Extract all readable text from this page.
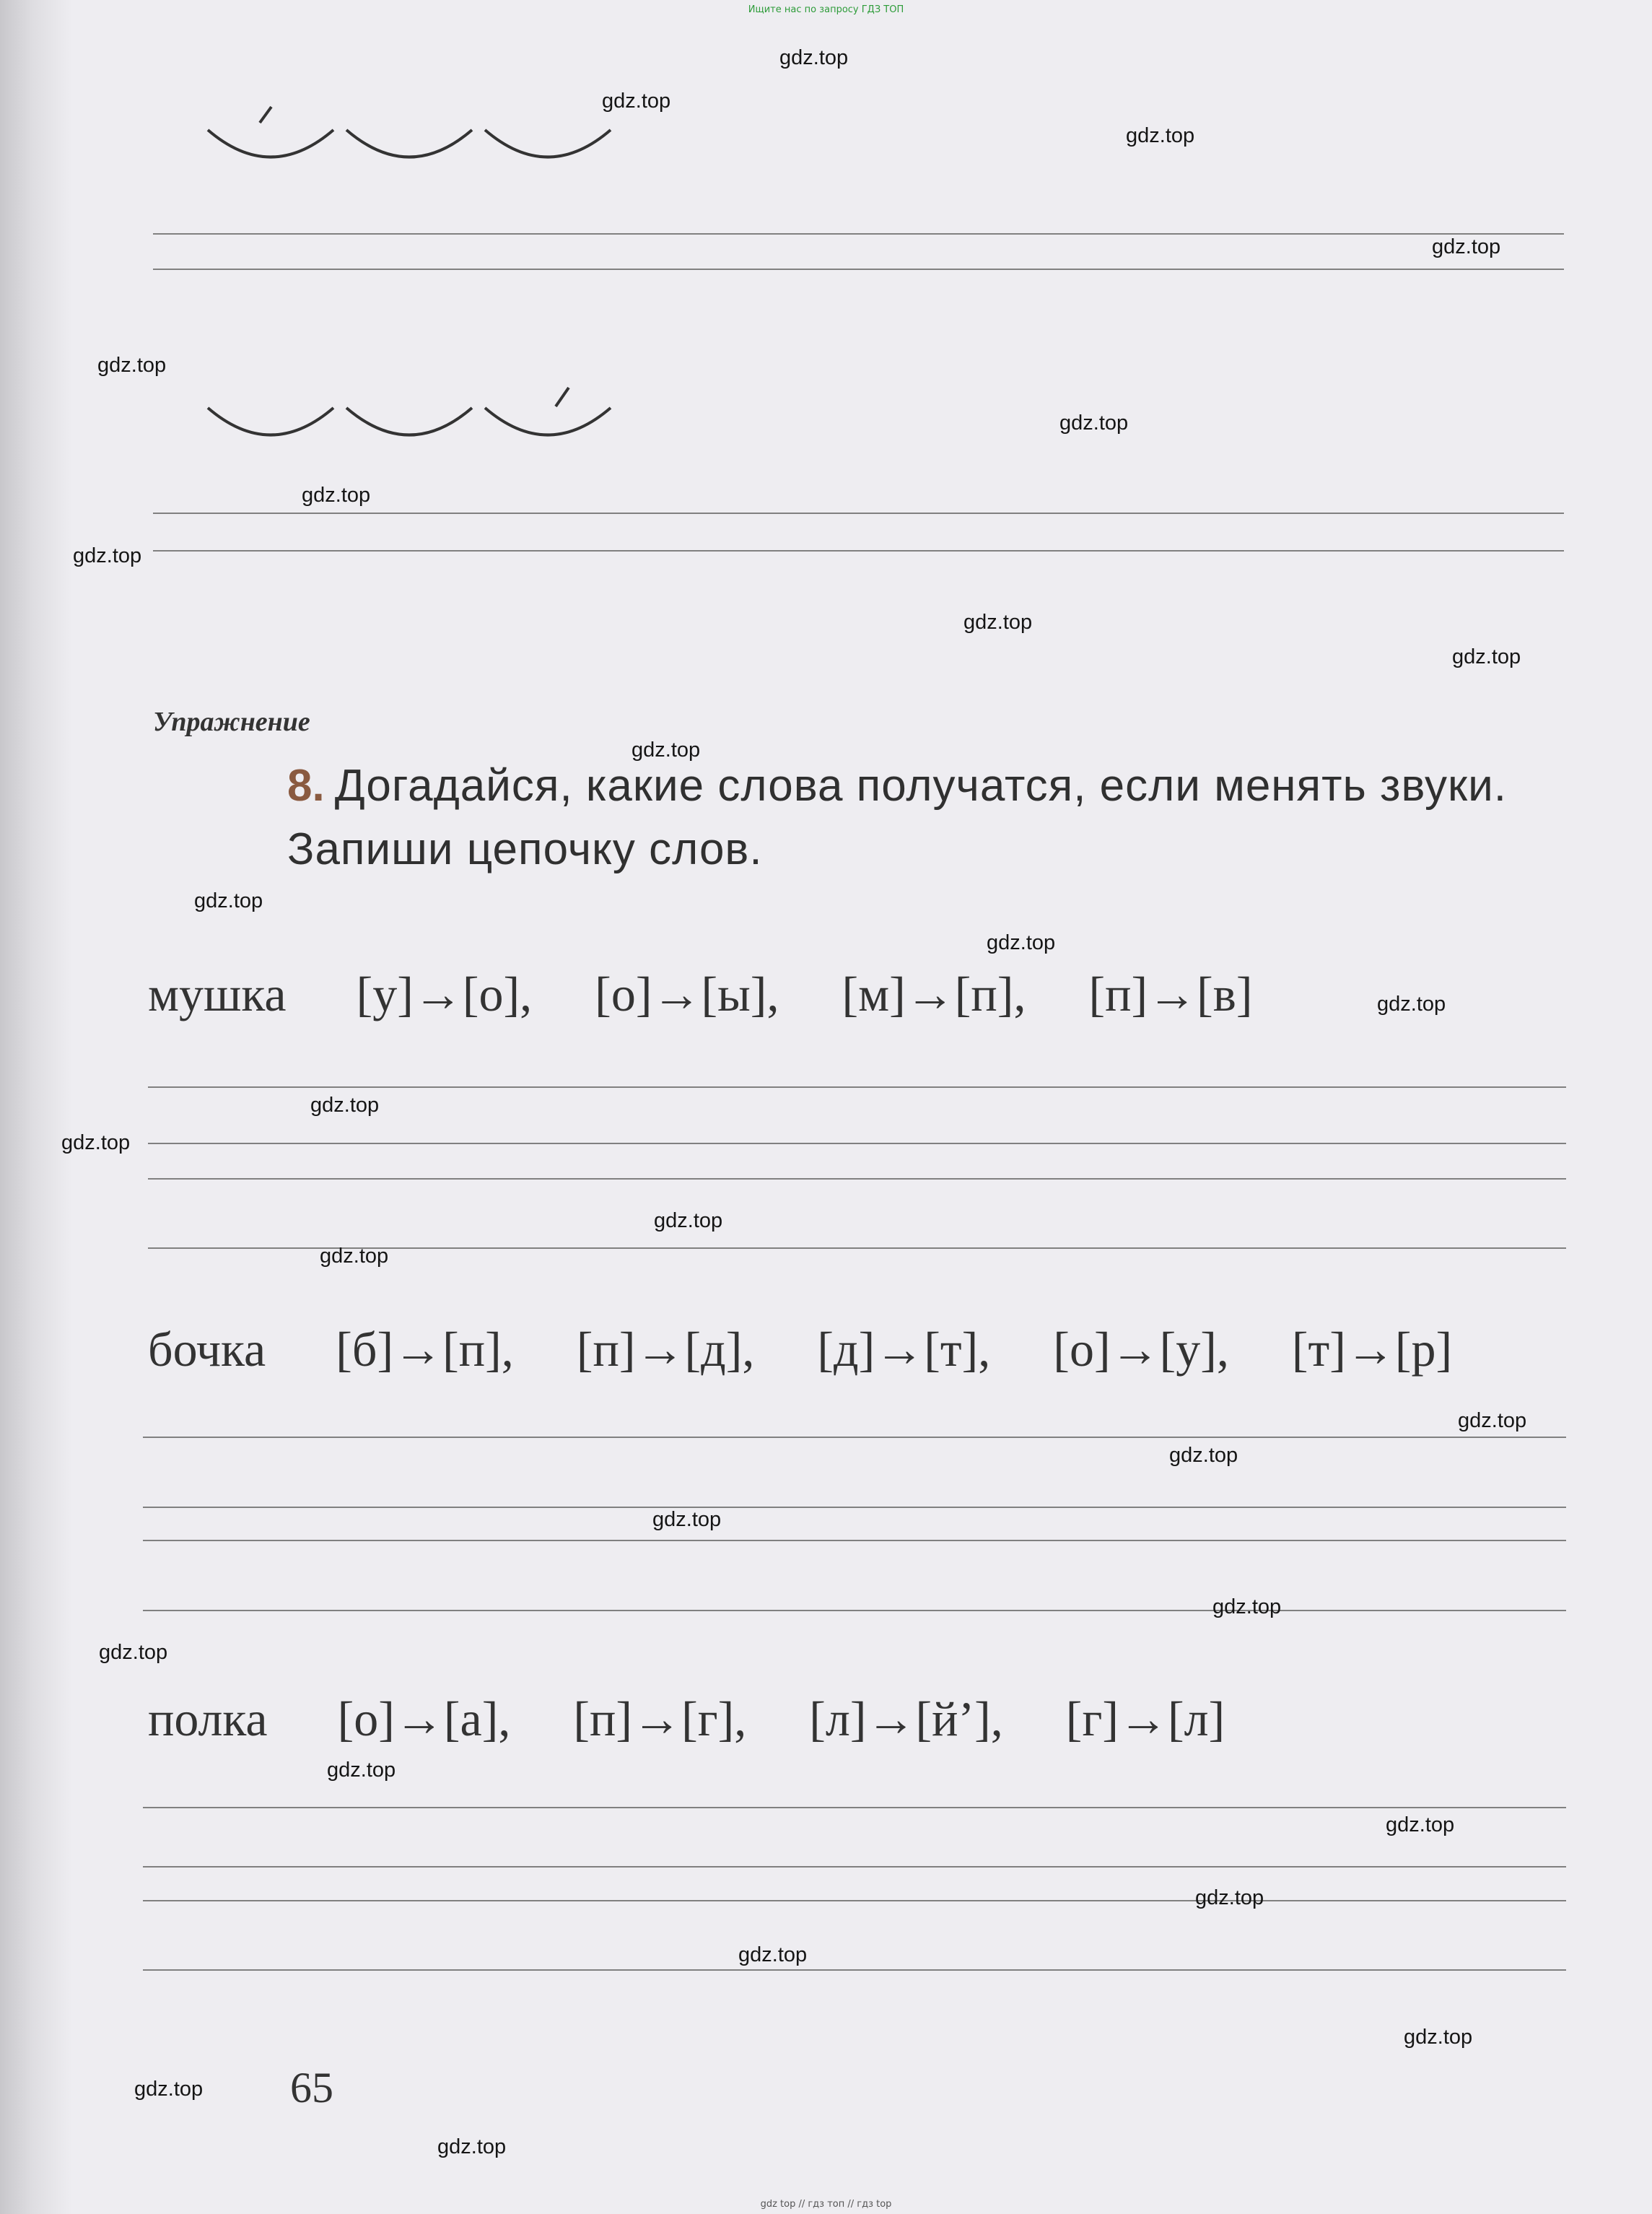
Ищите нас по запросу ГДЗ ТОП
Упражнение
8. Догадайся, какие слова получатся, если менять звуки. Запиши цепочку слов.
мушка [у]→[о], [о]→[ы], [м]→[п], [п]→[в]
бочка [б]→[п], [п]→[д], [д]→[т], [о]→[у], [т]→[р]
полка [о]→[а], [п]→[г], [л]→[й’], [г]→[л]
65
gdz.top
gdz.top
gdz.top
gdz.top
gdz.top
gdz.top
gdz.top
gdz.top
gdz.top
gdz.top
gdz.top
gdz.top
gdz.top
gdz.top
gdz.top
gdz.top
gdz.top
gdz.top
gdz.top
gdz.top
gdz.top
gdz.top
gdz.top
gdz.top
gdz.top
gdz.top
gdz.top
gdz.top
gdz.top
gdz.top
gdz top // гдз топ // гдз top
